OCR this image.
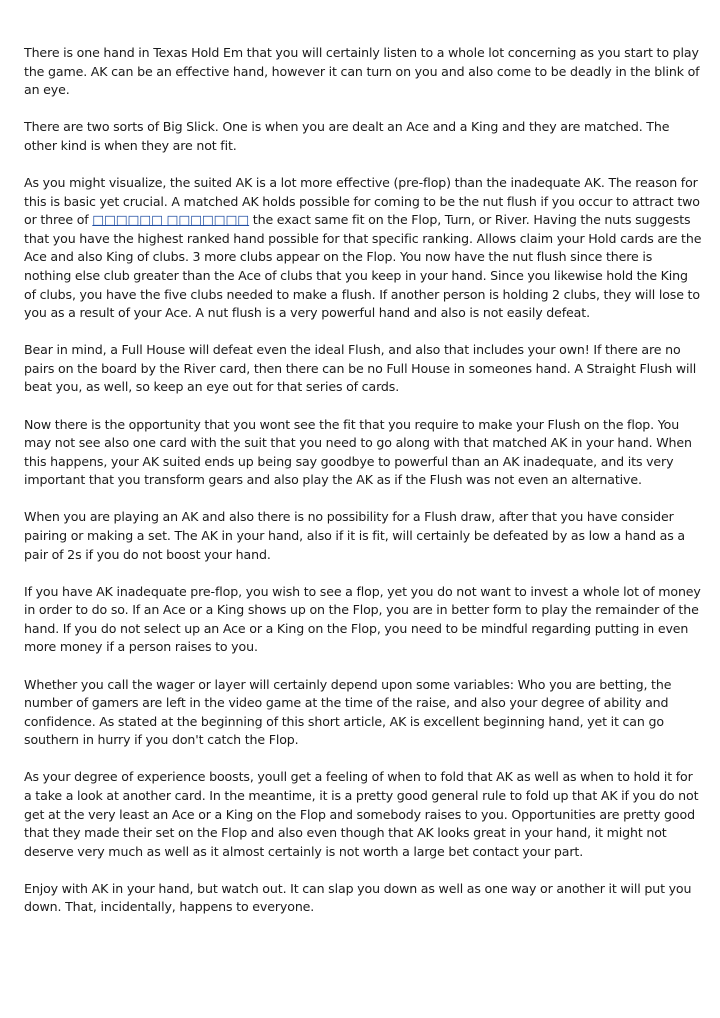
There is one hand in Texas Hold Em that you will certainly listen to a whole lot concerning as you start to play the game. AK can be an effective hand, however it can turn on you and also come to be deadly in the blink of an eye.

There are two sorts of Big Slick. One is when you are dealt an Ace and a King and they are matched. The other kind is when they are not fit.

As you might visualize, the suited AK is a lot more effective (pre-flop) than the inadequate AK. The reason for this is basic yet crucial. A matched AK holds possible for coming to be the nut flush if you occur to attract two or three of □□□□□□ □□□□□□□ the exact same fit on the Flop, Turn, or River. Having the nuts suggests that you have the highest ranked hand possible for that specific ranking. Allows claim your Hold cards are the Ace and also King of clubs. 3 more clubs appear on the Flop. You now have the nut flush since there is nothing else club greater than the Ace of clubs that you keep in your hand. Since you likewise hold the King of clubs, you have the five clubs needed to make a flush. If another person is holding 2 clubs, they will lose to you as a result of your Ace. A nut flush is a very powerful hand and also is not easily defeat.

Bear in mind, a Full House will defeat even the ideal Flush, and also that includes your own! If there are no pairs on the board by the River card, then there can be no Full House in someones hand. A Straight Flush will beat you, as well, so keep an eye out for that series of cards.

Now there is the opportunity that you wont see the fit that you require to make your Flush on the flop. You may not see also one card with the suit that you need to go along with that matched AK in your hand. When this happens, your AK suited ends up being say goodbye to powerful than an AK inadequate, and its very important that you transform gears and also play the AK as if the Flush was not even an alternative.

When you are playing an AK and also there is no possibility for a Flush draw, after that you have consider pairing or making a set. The AK in your hand, also if it is fit, will certainly be defeated by as low a hand as a pair of 2s if you do not boost your hand.

If you have AK inadequate pre-flop, you wish to see a flop, yet you do not want to invest a whole lot of money in order to do so. If an Ace or a King shows up on the Flop, you are in better form to play the remainder of the hand. If you do not select up an Ace or a King on the Flop, you need to be mindful regarding putting in even more money if a person raises to you.

Whether you call the wager or layer will certainly depend upon some variables: Who you are betting, the number of gamers are left in the video game at the time of the raise, and also your degree of ability and confidence. As stated at the beginning of this short article, AK is excellent beginning hand, yet it can go southern in hurry if you don't catch the Flop.

As your degree of experience boosts, youll get a feeling of when to fold that AK as well as when to hold it for a take a look at another card. In the meantime, it is a pretty good general rule to fold up that AK if you do not get at the very least an Ace or a King on the Flop and somebody raises to you. Opportunities are pretty good that they made their set on the Flop and also even though that AK looks great in your hand, it might not deserve very much as well as it almost certainly is not worth a large bet contact your part.

Enjoy with AK in your hand, but watch out. It can slap you down as well as one way or another it will put you down. That, incidentally, happens to everyone.
